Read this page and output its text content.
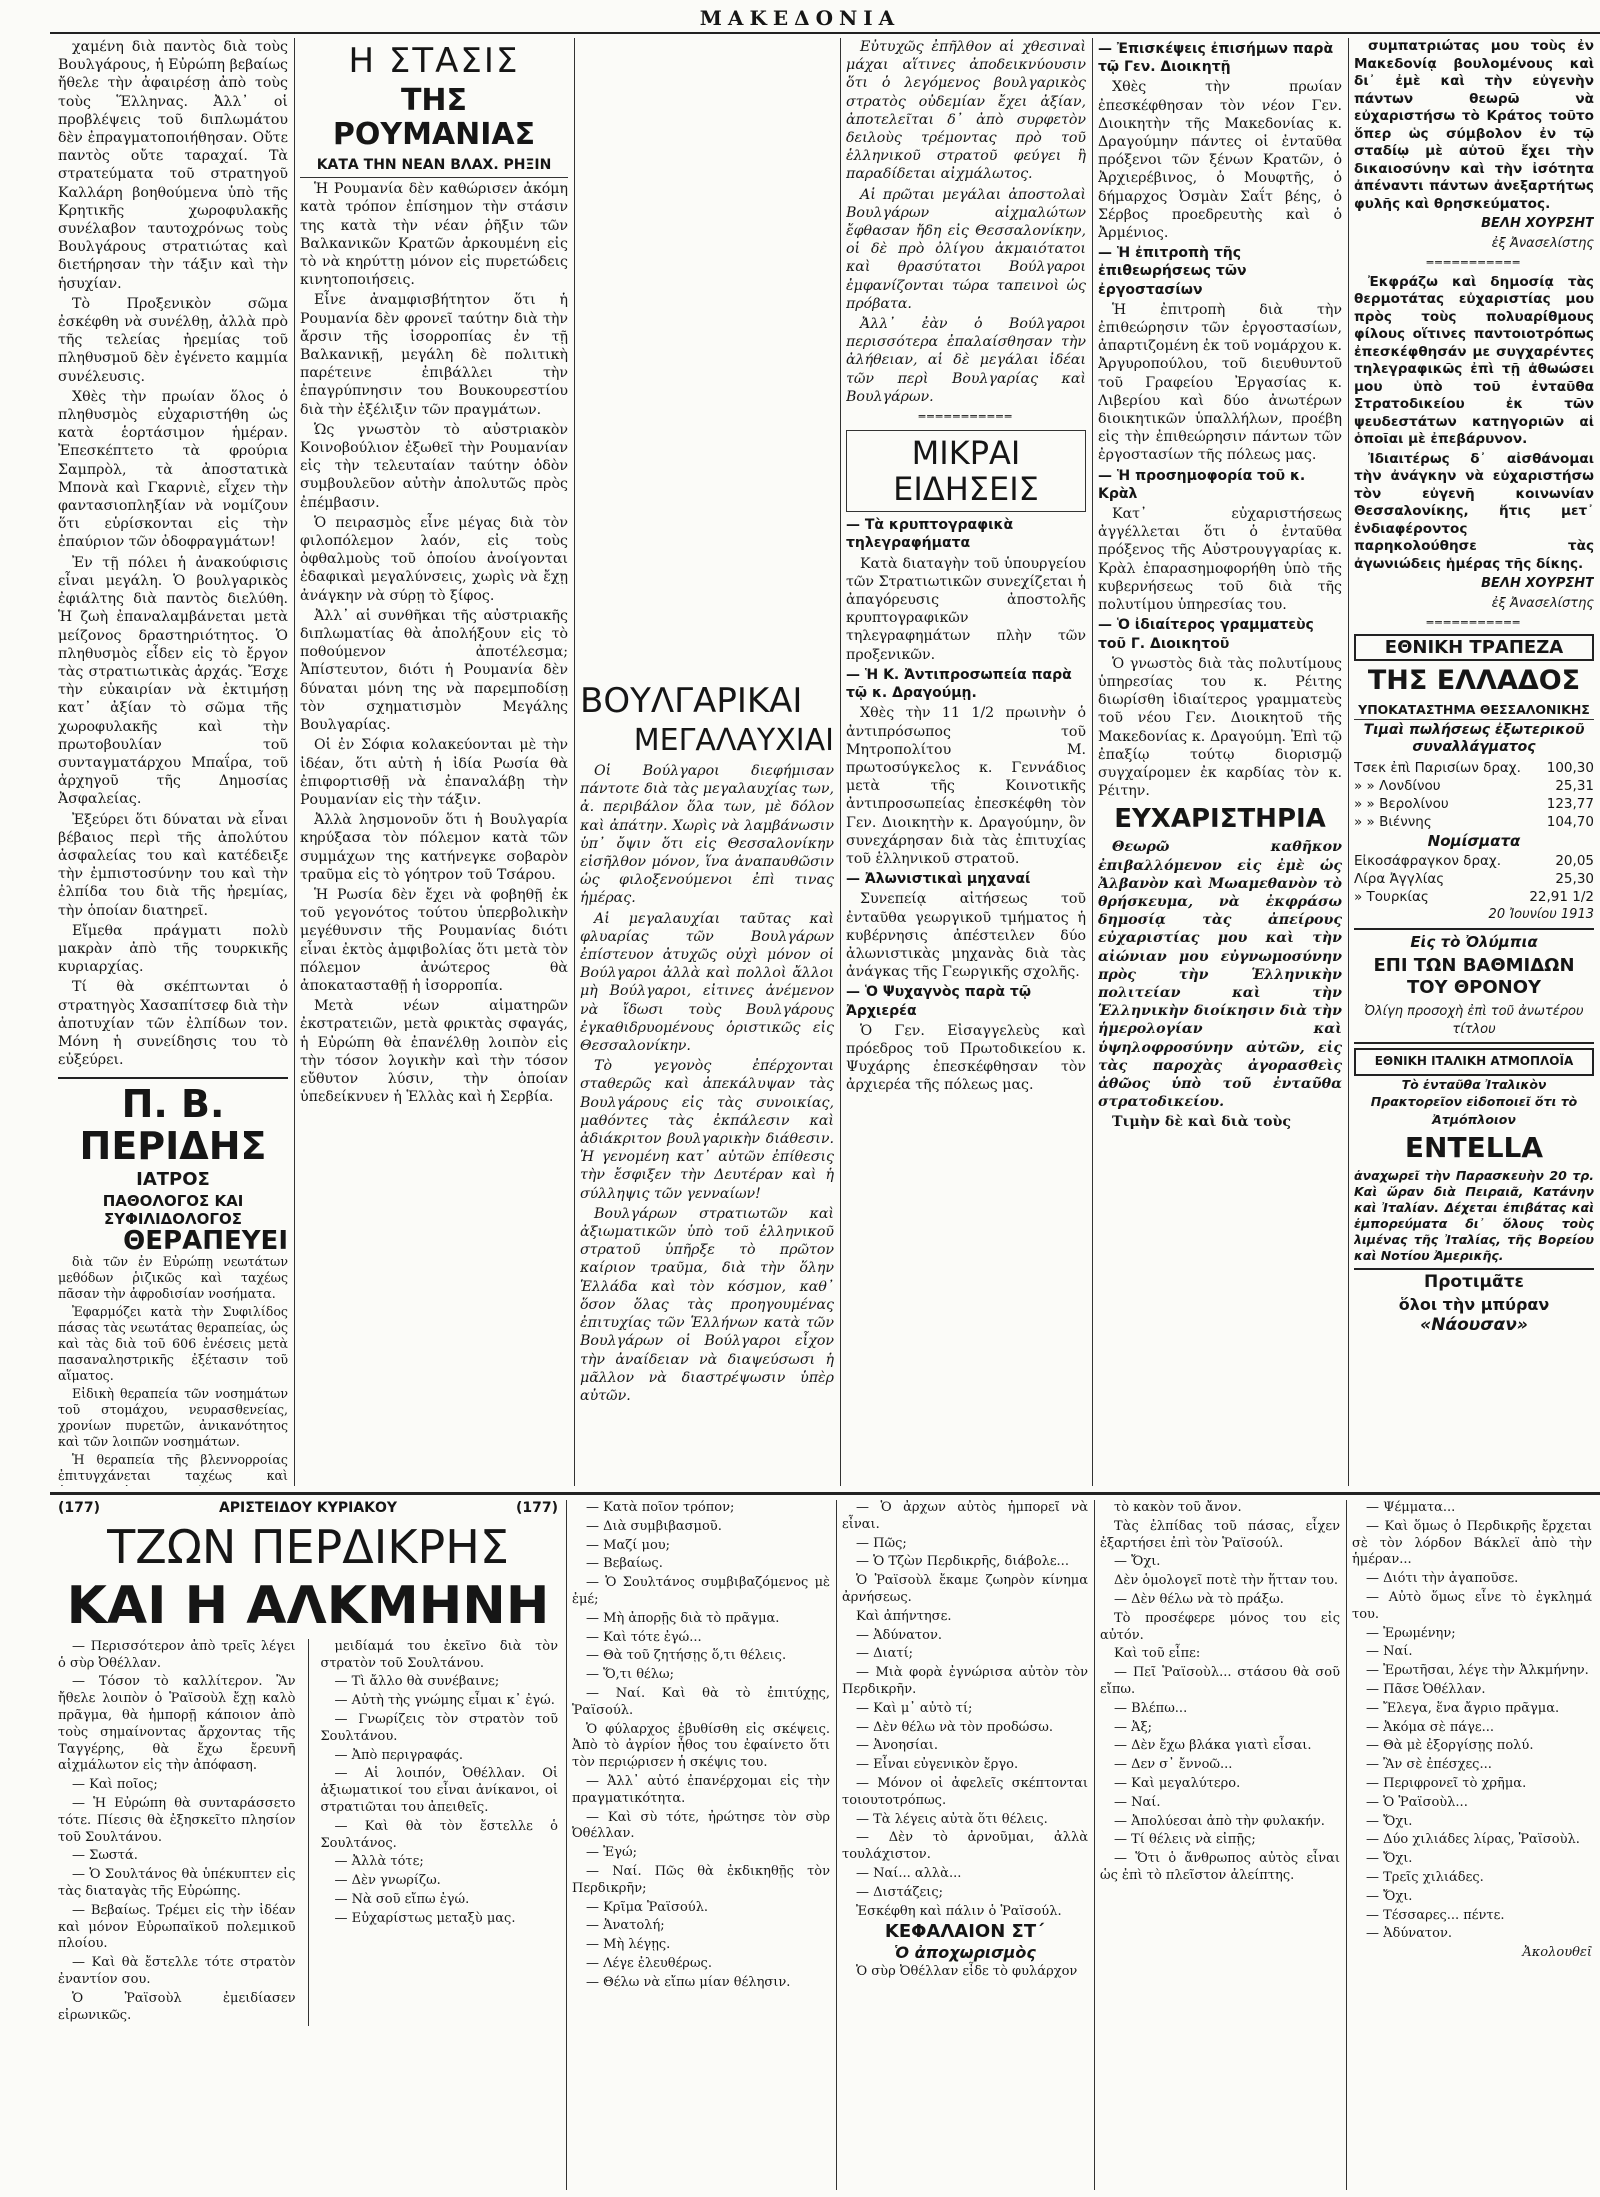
ΜΑΚΕΔΟΝΙΑ

χαμένη διὰ παντὸς διὰ τοὺς Βουλγάρους, ἡ Εὐρώπη βεβαίως ἤθελε τὴν ἀφαιρέσῃ ἀπὸ τοὺς τοὺς Ἕλληνας. Ἀλλ᾽ οἱ προβλέψεις τοῦ διπλωμάτου δὲν ἐπραγματοποιήθησαν. Οὔτε παντὸς οὔτε ταραχαί. Τὰ στρατεύματα τοῦ στρατηγοῦ Καλλάρη βοηθούμενα ὑπὸ τῆς Κρητικῆς χωροφυλακῆς συνέλαβον ταυτοχρόνως τοὺς Βουλγάρους στρατιώτας καὶ διετήρησαν τὴν τάξιν καὶ τὴν ἡσυχίαν.

Τὸ Προξενικὸν σῶμα ἐσκέφθη νὰ συνέλθῃ, ἀλλὰ πρὸ τῆς τελείας ἠρεμίας τοῦ πληθυσμοῦ δὲν ἐγένετο καμμία συνέλευσις.

Χθὲς τὴν πρωίαν ὅλος ὁ πληθυσμὸς εὐχαριστήθη ὡς κατὰ ἑορτάσιμον ἡμέραν. Ἐπεσκέπτετο τὰ φρούρια Σαμπρὸλ, τὰ ἀποστατικὰ Μπονὰ καὶ Γκαρνιὲ, εἶχεν τὴν φαντασιοπληξίαν νὰ νομίζουν ὅτι εὑρίσκονται εἰς τὴν ἐπαύριον τῶν ὀδοφραγμάτων!

Ἐν τῇ πόλει ἡ ἀνακούφισις εἶναι μεγάλη. Ὁ βουλγαρικὸς ἐφιάλτης διὰ παντὸς διελύθη. Ἡ ζωὴ ἐπαναλαμβάνεται μετὰ μείζονος δραστηριότητος. Ὁ πληθυσμὸς εἶδεν εἰς τὸ ἔργον τὰς στρατιωτικὰς ἀρχάς. Ἔσχε τὴν εὐκαιρίαν νὰ ἐκτιμήσῃ κατ᾽ ἀξίαν τὸ σῶμα τῆς χωροφυλακῆς καὶ τὴν πρωτοβουλίαν τοῦ συνταγματάρχου Μπαΐρα, τοῦ ἀρχηγοῦ τῆς Δημοσίας Ἀσφαλείας.

Ἐξεύρει ὅτι δύναται νὰ εἶναι βέβαιος περὶ τῆς ἀπολύτου ἀσφαλείας του καὶ κατέδειξε τὴν ἐμπιστοσύνην του καὶ τὴν ἐλπίδα του διὰ τῆς ἠρεμίας, τὴν ὁποίαν διατηρεῖ.

Εἴμεθα πράγματι πολὺ μακρὰν ἀπὸ τῆς τουρκικῆς κυριαρχίας.

Τί θὰ σκέπτωνται ὁ στρατηγὸς Χασαπίτσεφ διὰ τὴν ἀποτυχίαν τῶν ἐλπίδων τον. Μόνη ἡ συνείδησις του τὸ εὐξεύρει.

Π. Β. ΠΕΡΙΔΗΣ
ΙΑΤΡΟΣ
ΠΑΘΟΛΟΓΟΣ ΚΑΙ ΣΥΦΙΛΙΔΟΛΟΓΟΣ
ΘΕΡΑΠΕΥΕΙ

διὰ τῶν ἐν Εὐρώπῃ νεωτάτων μεθόδων ῥιζικῶς καὶ ταχέως πᾶσαν τὴν ἀφροδισίαν νοσήματα.

Ἐφαρμόζει κατὰ τὴν Συφιλίδος πάσας τὰς νεωτάτας θεραπείας, ὡς καὶ τὰς διὰ τοῦ 606 ἐνέσεις μετὰ πασαναληστρικῆς ἐξέτασιν τοῦ αἵματος.

Εἰδικὴ θεραπεία τῶν νοσημάτων τοῦ στομάχου, νευρασθενείας, χρονίων πυρετῶν, ἀνικανότητος καὶ τῶν λοιπῶν νοσημάτων.

Ἡ θεραπεία τῆς βλεννορροίας ἐπιτυγχάνεται ταχέως καὶ

Η ΣΤΑΣΙΣ
ΤΗΣ ΡΟΥΜΑΝΙΑΣ
ΚΑΤΑ ΤΗΝ ΝΕΑΝ ΒΛΑΧ. ΡΗΞΙΝ

Ἡ Ρουμανία δὲν καθώρισεν ἀκόμη κατὰ τρόπον ἐπίσημον τὴν στάσιν της κατὰ τὴν νέαν ῥῆξιν τῶν Βαλκανικῶν Κρατῶν ἀρκουμένη εἰς τὸ νὰ κηρύττῃ μόνον εἰς πυρετώδεις κινητοποιήσεις.

Εἶνε ἀναμφισβήτητον ὅτι ἡ Ρουμανία δὲν φρονεῖ ταύτην διὰ τὴν ἄρσιν τῆς ἰσορροπίας ἐν τῇ Βαλκανικῇ, μεγάλη δὲ πολιτικὴ παρέτεινε ἐπιβάλλει τὴν ἐπαγρύπνησιν του Βουκουρεστίου διὰ τὴν ἐξέλιξιν τῶν πραγμάτων.

Ὡς γνωστὸν τὸ αὐστριακὸν Κοινοβούλιον ἐξωθεῖ τὴν Ρουμανίαν εἰς τὴν τελευταίαν ταύτην ὁδὸν συμβουλεῦον αὐτὴν ἀπολυτῶς πρὸς ἐπέμβασιν.

Ὁ πειρασμὸς εἶνε μέγας διὰ τὸν φιλοπόλεμον λαόν, εἰς τοὺς ὀφθαλμοὺς τοῦ ὁποίου ἀνοίγονται ἐδαφικαὶ μεγαλύνσεις, χωρὶς νὰ ἔχῃ ἀνάγκην νὰ σύρῃ τὸ ξίφος.

Ἀλλ᾽ αἱ συνθῆκαι τῆς αὐστριακῆς διπλωματίας θὰ ἀπολήξουν εἰς τὸ ποθούμενον ἀποτέλεσμα; Ἀπίστευτον, διότι ἡ Ρουμανία δὲν δύναται μόνη της νὰ παρεμποδίσῃ τὸν σχηματισμὸν Μεγάλης Βουλγαρίας.

Οἱ ἐν Σόφια κολακεύονται μὲ τὴν ἰδέαν, ὅτι αὐτὴ ἡ ἰδία Ρωσία θὰ ἐπιφορτισθῇ νὰ ἐπαναλάβῃ τὴν Ρουμανίαν εἰς τὴν τάξιν.

Ἀλλὰ λησμονοῦν ὅτι ἡ Βουλγαρία κηρύξασα τὸν πόλεμον κατὰ τῶν συμμάχων της κατήνεγκε σοβαρὸν τραῦμα εἰς τὸ γόητρον τοῦ Τσάρου.

Ἡ Ρωσία δὲν ἔχει νὰ φοβηθῇ ἐκ τοῦ γεγονότος τούτου ὑπερβολικὴν μεγέθυνσιν τῆς Ρουμανίας διότι εἶναι ἐκτὸς ἀμφιβολίας ὅτι μετὰ τὸν πόλεμον ἀνώτερος θὰ ἀποκατασταθῇ ἡ ἰσορροπία.

Μετὰ νέων αἱματηρῶν ἐκστρατειῶν, μετὰ φρικτὰς σφαγάς, ἡ Εὐρώπη θὰ ἐπανέλθῃ λοιπὸν εἰς τὴν τόσον λογικὴν καὶ τὴν τόσον εὔθυτον λύσιν, τὴν ὁποίαν ὑπεδείκνυεν ἡ Ἑλλὰς καὶ ἡ Σερβία.

ΒΟΥΛΓΑΡΙΚΑΙ
ΜΕΓΑΛΑΥΧΙΑΙ

Οἱ Βούλγαροι διεφήμισαν πάντοτε διὰ τὰς μεγαλαυχίας των, ἀ. περιβάλον ὅλα των, μὲ δόλον καὶ ἀπάτην. Χωρὶς νὰ λαμβάνωσιν ὑπ᾽ ὄψιν ὅτι εἰς Θεσσαλονίκην εἰσῆλθον μόνον, ἵνα ἀναπαυθῶσιν ὡς φιλοξενούμενοι ἐπὶ τινας ἡμέρας.

Αἱ μεγαλαυχίαι ταῦτας καὶ φλυαρίας τῶν Βουλγάρων ἐπίστευον ἀτυχῶς οὐχὶ μόνον οἱ Βούλγαροι ἀλλὰ καὶ πολλοὶ ἄλλοι μὴ Βούλγαροι, εἰτινες ἀνέμενον νὰ ἴδωσι τοὺς Βουλγάρους ἐγκαθιδρυομένους ὁριστικῶς εἰς Θεσσαλονίκην.

Τὸ γεγονὸς ἐπέρχονται σταθερῶς καὶ ἀπεκάλυψαν τὰς Βουλγάρους εἰς τὰς συνοικίας, μαθόντες τὰς ἐκπάλεσιν καὶ ἀδιάκριτον βουλγαρικὴν διάθεσιν. Ἡ γενομένη κατ᾽ αὐτῶν ἐπίθεσις τὴν ἔσφιξεν τὴν Δευτέραν καὶ ἡ σύλληψις τῶν γενναίων!

Βουλγάρων στρατιωτῶν καὶ ἀξιωματικῶν ὑπὸ τοῦ ἑλληνικοῦ στρατοῦ ὑπῆρξε τὸ πρῶτον καίριον τραῦμα, διὰ τὴν ὅλην Ἑλλάδα καὶ τὸν κόσμον, καθ᾽ ὅσον ὅλας τὰς προηγουμένας ἐπιτυχίας τῶν Ἑλλήνων κατὰ τῶν Βουλγάρων οἱ Βούλγαροι εἶχον τὴν ἀναίδειαν νὰ διαψεύσωσι ἡ μᾶλλον νὰ διαστρέψωσιν ὑπὲρ αὐτῶν.

Εὐτυχῶς ἐπῆλθον αἱ χθεσιναὶ μάχαι αἵτινες ἀποδεικνύουσιν ὅτι ὁ λεγόμενος βουλγαρικὸς στρατὸς οὐδεμίαν ἔχει ἀξίαν, ἀποτελεῖται δ᾽ ἀπὸ συρφετὸν δειλοὺς τρέμοντας πρὸ τοῦ ἑλληνικοῦ στρατοῦ φεύγει ἢ παραδίδεται αἰχμάλωτος.

Αἱ πρῶται μεγάλαι ἀποστολαὶ Βουλγάρων αἰχμαλώτων ἔφθασαν ἤδη εἰς Θεσσαλονίκην, οἱ δὲ πρὸ ὀλίγου ἀκμαιότατοι καὶ θρασύτατοι Βούλγαροι ἐμφανίζονται τώρα ταπεινοὶ ὡς πρόβατα.

Ἀλλ᾽ ἐὰν ὁ Βούλγαροι περισσότερα ἐπαλαίσθησαν τὴν ἀλήθειαν, αἱ δὲ μεγάλαι ἰδέαι τῶν περὶ Βουλγαρίας καὶ Βουλγάρων.

═══════════
ΜΙΚΡΑΙ ΕΙΔΗΣΕΙΣ
— Τὰ κρυπτογραφικὰ τηλεγραφήματα

Κατὰ διαταγὴν τοῦ ὑπουργείου τῶν Στρατιωτικῶν συνεχίζεται ἡ ἀπαγόρευσις ἀποστολῆς κρυπτογραφικῶν τηλεγραφημάτων πλὴν τῶν προξενικῶν.

— Ἡ Κ. Ἀντιπροσωπεία παρὰ τῷ κ. Δραγούμῃ.

Χθὲς τὴν 11 1/2 πρωινὴν ὁ ἀντιπρόσωπος τοῦ Μητροπολίτου Μ. πρωτοσύγκελος κ. Γεννάδιος μετὰ τῆς Κοινοτικῆς ἀντιπροσωπείας ἐπεσκέφθη τὸν Γεν. Διοικητὴν κ. Δραγούμην, ὃν συνεχάρησαν διὰ τὰς ἐπιτυχίας τοῦ ἑλληνικοῦ στρατοῦ.

— Ἀλωνιστικαὶ μηχαναί

Συνεπείᾳ αἰτήσεως τοῦ ἐνταῦθα γεωργικοῦ τμήματος ἡ κυβέρνησις ἀπέστειλεν δύο ἀλωνιστικὰς μηχανὰς διὰ τὰς ἀνάγκας τῆς Γεωργικῆς σχολῆς.

— Ὁ Ψυχαγνὸς παρὰ τῷ Ἀρχιερέα

Ὁ Γεν. Εἰσαγγελεὺς καὶ πρόεδρος τοῦ Πρωτοδικείου κ. Ψυχάρης ἐπεσκέφθησαν τὸν ἀρχιερέα τῆς πόλεως μας.

— Ἐπισκέψεις ἐπισήμων παρὰ τῷ Γεν. Διοικητῇ

Χθὲς τὴν πρωίαν ἐπεσκέφθησαν τὸν νέον Γεν. Διοικητὴν τῆς Μακεδονίας κ. Δραγούμην πάντες οἱ ἐνταῦθα πρόξενοι τῶν ξένων Κρατῶν, ὁ Ἀρχιερέβινος, ὁ Μουφτῆς, ὁ δήμαρχος Ὀσμὰν Σαΐτ βέης, ὁ Σέρβος προεδρευτὴς καὶ ὁ Ἀρμένιος.

— Ἡ ἐπιτροπὴ τῆς ἐπιθεωρήσεως τῶν ἐργοστασίων

Ἡ ἐπιτροπὴ διὰ τὴν ἐπιθεώρησιν τῶν ἐργοστασίων, ἀπαρτιζομένη ἐκ τοῦ νομάρχου κ. Ἀργυροπούλου, τοῦ διευθυντοῦ τοῦ Γραφείου Ἐργασίας κ. Λιβερίου καὶ δύο ἀνωτέρων διοικητικῶν ὑπαλλήλων, προέβη εἰς τὴν ἐπιθεώρησιν πάντων τῶν ἐργοστασίων τῆς πόλεως μας.

— Ἡ προσημοφορία τοῦ κ. Κρὰλ

Κατ᾽ εὐχαριστήσεως ἀγγέλλεται ὅτι ὁ ἐνταῦθα πρόξενος τῆς Αὐστρουγγαρίας κ. Κρὰλ ἐπαρασημοφορήθη ὑπὸ τῆς κυβερνήσεως τοῦ διὰ τῆς πολυτίμου ὑπηρεσίας του.

— Ὁ ἰδιαίτερος γραμματεὺς τοῦ Γ. Διοικητοῦ

Ὁ γνωστὸς διὰ τὰς πολυτίμους ὑπηρεσίας του κ. Ρέιτης διωρίσθη ἰδιαίτερος γραμματεὺς τοῦ νέου Γεν. Διοικητοῦ τῆς Μακεδονίας κ. Δραγούμη. Ἐπὶ τῷ ἐπαξίῳ τούτῳ διορισμῷ συγχαίρομεν ἐκ καρδίας τὸν κ. Ρέιτην.

ΕΥΧΑΡΙΣΤΗΡΙΑ

Θεωρῶ καθῆκον ἐπιβαλλόμενον εἰς ἐμὲ ὡς Ἀλβανὸν καὶ Μωαμεθανὸν τὸ θρήσκευμα, νὰ ἐκφράσω δημοσίᾳ τὰς ἀπείρους εὐχαριστίας μου καὶ τὴν αἰώνιαν μου εὐγνωμοσύνην πρὸς τὴν Ἑλληνικὴν πολιτείαν καὶ τὴν Ἑλληνικὴν διοίκησιν διὰ τὴν ἡμερολογίαν καὶ ὑψηλοφροσύνην αὐτῶν, εἰς τὰς παροχὰς ἀγορασθεὶς ἀθῶος ὑπὸ τοῦ ἐνταῦθα στρατοδικείου.

Τιμὴν δὲ καὶ διὰ τοὺς

συμπατριώτας μου τοὺς ἐν Μακεδονίᾳ βουλομένους καὶ δι᾽ ἐμὲ καὶ τὴν εὐγενὴν πάντων θεωρῶ νὰ εὐχαριστήσω τὸ Κράτος τοῦτο ὅπερ ὡς σύμβολον ἐν τῷ σταδίῳ μὲ αὐτοῦ ἔχει τὴν δικαιοσύνην καὶ τὴν ἰσότητα ἀπέναντι πάντων ἀνεξαρτήτως φυλῆς καὶ θρησκεύματος.

ΒΕΛΗ ΧΟΥΡΣΗΤ

ἐξ Ἀνασελίστης

═══════════

Ἐκφράζω καὶ δημοσίᾳ τὰς θερμοτάτας εὐχαριστίας μου πρὸς τοὺς πολυαρίθμους φίλους οἵτινες παντοιοτρόπως ἐπεσκέφθησάν με συγχαρέντες τηλεγραφικῶς ἐπὶ τῇ ἀθωώσει μου ὑπὸ τοῦ ἐνταῦθα Στρατοδικείου ἐκ τῶν ψευδεστάτων κατηγοριῶν αἱ ὁποῖαι μὲ ἐπεβάρυνον.

Ἰδιαιτέρως δ᾽ αἰσθάνομαι τὴν ἀνάγκην νὰ εὐχαριστήσω τὸν εὐγενῆ κοινωνίαν Θεσσαλονίκης, ἥτις μετ᾽ ἐνδιαφέροντος παρηκολούθησε τὰς ἀγωνιώδεις ἡμέρας τῆς δίκης.

ΒΕΛΗ ΧΟΥΡΣΗΤ

ἐξ Ἀνασελίστης

═══════════
ΕΘΝΙΚΗ ΤΡΑΠΕΖΑ
ΤΗΣ ΕΛΛΑΔΟΣ
ΥΠΟΚΑΤΑΣΤΗΜΑ ΘΕΣΣΑΛΟΝΙΚΗΣ
Τιμαὶ πωλήσεως ἐξωτερικοῦ συναλλάγματος
Τσεκ ἐπὶ Παρισίων δραχ. 100,30
» » Λονδίνου	25,31
» » Βερολίνου	123,77
» » Βιέννης	104,70
Νομίσματα
Εἰκοσάφραγκον δραχ.	20,05
Λίρα Ἀγγλίας	25,30
» Τουρκίας	22,91 1/2
20 Ἰουνίου 1913
Εἰς τὸ Ὀλύμπια
ΕΠΙ ΤΩΝ ΒΑΘΜΙΔΩΝ ΤΟΥ ΘΡΟΝΟΥ
Ὀλίγη προσοχὴ ἐπὶ τοῦ ἀνωτέρου τίτλου
ΕΘΝΙΚΗ ΙΤΑΛΙΚΗ ΑΤΜΟΠΛΟΪΑ
Τὸ ἐνταῦθα Ἰταλικὸν Πρακτορεῖον εἰδοποιεῖ ὅτι τὸ Ἀτμόπλοιον
ENTELLA
ἀναχωρεῖ τὴν Παρασκευὴν 20 τρ. Καὶ ὥραν διὰ Πειραιᾶ, Κατάνην καὶ Ἰταλίαν. Δέχεται ἐπιβάτας καὶ ἐμπορεύματα δι᾽ ὅλους τοὺς λιμένας τῆς Ἰταλίας, τῆς Βορείου καὶ Νοτίου Ἀμερικῆς.
Προτιμᾶτε
ὅλοι τὴν μπύραν
«Νάουσαν»
(177)	ΑΡΙΣΤΕΙΔΟΥ ΚΥΡΙΑΚΟΥ	(177)
ΤΖΩΝ ΠΕΡΔΙΚΡΗΣ
ΚΑΙ Η ΑΛΚΜΗΝΗ

— Περισσότερον ἀπὸ τρεῖς λέγει ὁ σὺρ Ὀθέλλαν.

— Τόσον τὸ καλλίτερον. Ἂν ἤθελε λοιπὸν ὁ Ῥαϊσοὺλ ἔχῃ καλὸ πρᾶγμα, θὰ ἠμπορῇ κάποιον ἀπὸ τοὺς σημαίνοντας ἄρχοντας τῆς Ταγγέρης, θὰ ἔχω ἔρευνῆ αἰχμάλωτον εἰς τὴν ἀπόφαση.

— Καὶ ποῖος;

— Ἡ Εὐρώπη θὰ συνταράσσετο τότε. Πίεσις θὰ ἐξησκεῖτο πλησίον τοῦ Σουλτάνου.

— Σωστά.

— Ὁ Σουλτάνος θὰ ὑπέκυπτεν εἰς τὰς διαταγὰς τῆς Εὐρώπης.

— Βεβαίως. Τρέμει εἰς τὴν ἰδέαν καὶ μόνον Εὐρωπαϊκοῦ πολεμικοῦ πλοίου.

— Καὶ θὰ ἔστελλε τότε στρατὸν ἐναντίον σου.

Ὁ Ῥαϊσοὺλ ἐμειδίασεν εἰρωνικῶς.

μειδίαμά του ἐκεῖνο διὰ τὸν στρατὸν τοῦ Σουλτάνου.

— Τὶ ἄλλο θὰ συνέβαινε;

— Αὐτὴ τὴς γνώμης εἶμαι κ᾽ ἐγώ.

— Γνωρίζεις τὸν στρατὸν τοῦ Σουλτάνου.

— Ἀπὸ περιγραφάς.

— Αἱ λοιπόν, Ὀθέλλαν. Οἱ ἀξιωματικοί του εἶναι ἀνίκανοι, οἱ στρατιῶται του ἀπειθεῖς.

— Καὶ θὰ τὸν ἔστελλε ὁ Σουλτάνος.

— Ἀλλὰ τότε;

— Δὲν γνωρίζω.

— Νὰ σοῦ εἴπω ἐγώ.

— Εὐχαρίστως μεταξὺ μας.

— Κατὰ ποῖον τρόπον;

— Διὰ συμβιβασμοῦ.

— Μαζί μου;

— Βεβαίως.

— Ὁ Σουλτάνος συμβιβαζόμενος μὲ ἐμέ;

— Μὴ ἀπορῇς διὰ τὸ πρᾶγμα.

— Καὶ τότε ἐγώ...

— Θὰ τοῦ ζητήσῃς ὅ,τι θέλεις.

— Ὅ,τι θέλω;

— Ναί. Καὶ θὰ τὸ ἐπιτύχῃς, Ῥαϊσούλ.

Ὁ φύλαρχος ἐβυθίσθη εἰς σκέψεις. Ἀπὸ τὸ ἀγρίον ἦθος του ἐφαίνετο ὅτι τὸν περιῴρισεν ἡ σκέψις του.

— Ἀλλ᾽ αὐτό ἐπανέρχομαι εἰς τὴν πραγματικότητα.

— Καὶ σὺ τότε, ἠρώτησε τὸν σὺρ Ὀθέλλαν.

— Ἐγώ;

— Ναί. Πῶς θὰ ἐκδικηθῇς τὸν Περδικρῆν;

— Κρῖμα Ῥαϊσούλ.

— Ἀνατολή;

— Μὴ λέγῃς.

— Λέγε ἐλευθέρως.

— Θέλω νὰ εἴπω μίαν θέλησιν.

— Ὁ ἀρχων αὐτὸς ἠμπορεῖ νὰ εἶναι.

— Πῶς;

— Ὁ Τζὼν Περδικρῆς, διάβολε...

Ὁ Ῥαϊσοὺλ ἔκαμε ζωηρὸν κίνημα ἀρνήσεως.

Καὶ ἀπήντησε.

— Ἀδύνατον.

— Διατί;

— Μιὰ φορὰ ἐγνώρισα αὐτὸν τὸν Περδικρῆν.

— Καὶ μ᾽ αὐτὸ τί;

— Δὲν θέλω νὰ τὸν προδώσω.

— Ἀνοησίαι.

— Εἶναι εὐγενικὸν ἔργο.

— Μόνον οἱ ἀφελεῖς σκέπτονται τοιουτοτρόπως.

— Τὰ λέγεις αὐτὰ ὅτι θέλεις.

— Δὲν τὸ ἀρνοῦμαι, ἀλλὰ τουλάχιστον.

— Ναί... αλλὰ...

— Διστάζεις;

Ἐσκέφθη καὶ πάλιν ὁ Ῥαϊσούλ.

ΚΕΦΑΛΑΙΟΝ ΣΤ´
Ὁ ἀποχωρισμὸς

Ὁ σὺρ Ὀθέλλαν εἶδε τὸ φυλάρχον

τὸ κακὸν τοῦ ἄνον.

Τὰς ἐλπίδας τοῦ πάσας, εἶχεν ἐξαρτήσει ἐπὶ τὸν Ῥαϊσούλ.

— Ὄχι.

Δὲν ὁμολογεῖ ποτὲ τὴν ἥτταν του.

— Δὲν θέλω νὰ τὸ πράξω.

Τὸ προσέφερε μόνος του εἰς αὐτόν.

Καὶ τοῦ εἶπε:

— Πεῖ Ῥαϊσοὺλ... στάσου θὰ σοῦ εἴπω.

— Βλέπω...

— Ἀξ;

— Δὲν ἔχω βλάκα γιατὶ εἶσαι.

— Δεν σ᾽ ἔννοῶ...

— Καὶ μεγαλύτερο.

— Ναί.

— Ἀπολύεσαι ἀπὸ τὴν φυλακήν.

— Τί θέλεις νὰ εἰπῇς;

— Ὅτι ὁ ἄνθρωπος αὐτὸς εἶναι ὡς ἐπὶ τὸ πλεῖστον ἀλείπτης.

— Ψέμματα...

— Καὶ ὅμως ὁ Περδικρῆς ἔρχεται σὲ τὸν λόρδον Βάκλεϊ ἀπὸ τὴν ἡμέραν...

— Διότι τὴν ἀγαποῦσε.

— Αὐτὸ ὅμως εἶνε τὸ ἐγκλημά του.

— Ἐρωμένην;

— Ναί.

— Ἐρωτῆσαι, λέγε τὴν Ἀλκμήνην.

— Πᾶσε Ὀθέλλαν.

— Ἔλεγα, ἕνα ἄγριο πρᾶγμα.

— Ἀκόμα σὲ πάγε...

— Θὰ μὲ ἐξοργίσῃς πολύ.

— Ἂν σὲ ἐπέσχες...

— Περιφρονεῖ τὸ χρῆμα.

— Ὁ Ῥαϊσοὺλ...

— Ὄχι.

— Δύο χιλιάδες λίρας, Ῥαϊσοὺλ.

— Ὄχι.

— Τρεῖς χιλιάδες.

— Ὄχι.

— Τέσσαρες... πέντε.

— Ἀδύνατον.

Ἀκολουθεῖ
